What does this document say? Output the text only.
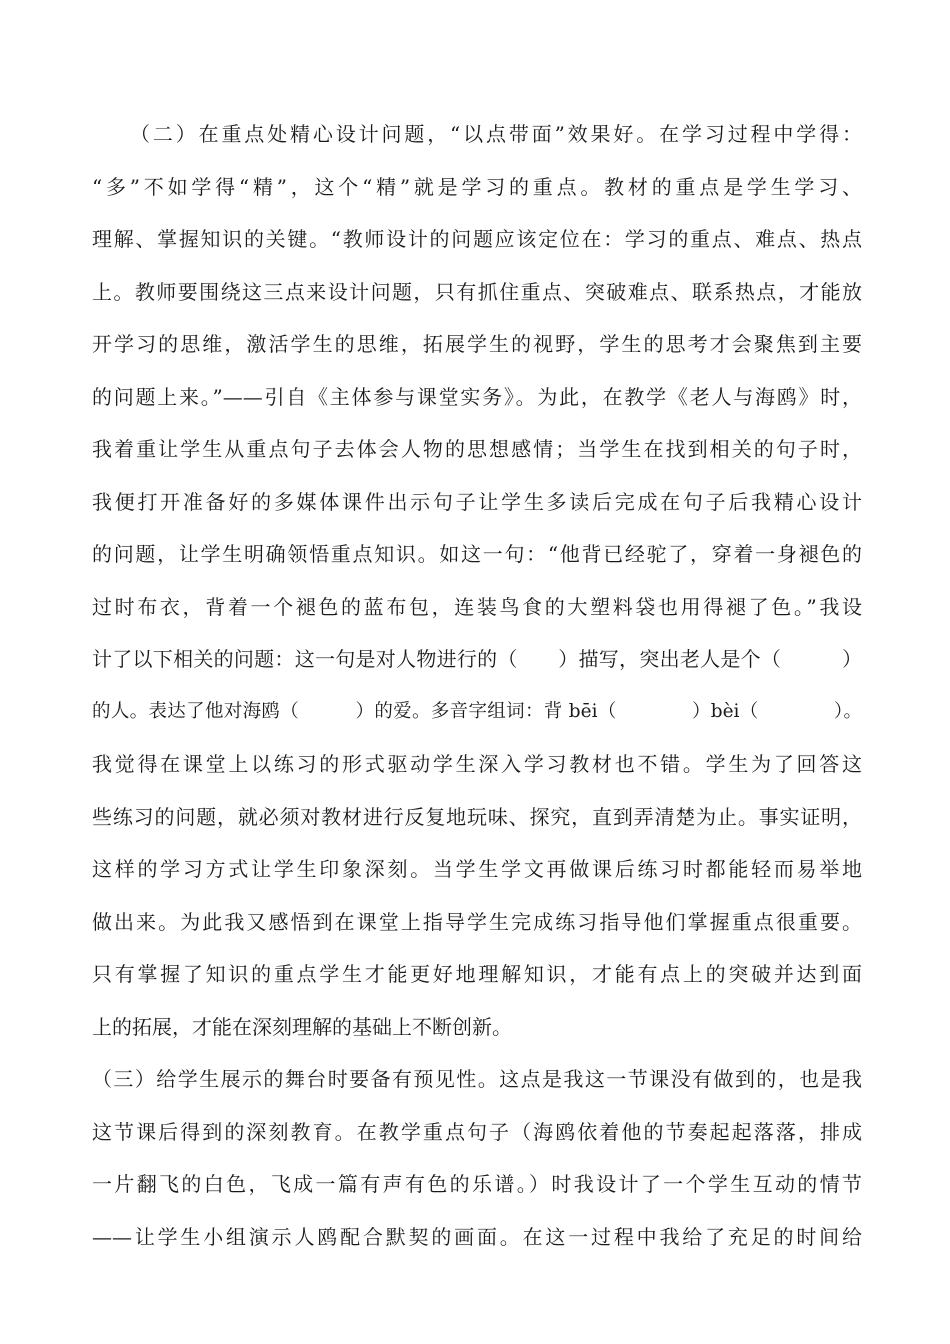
（二）在重点处精心设计问题，“以点带面”效果好。在学习过程中学得：
“多”不如学得“精”，这个“精”就是学习的重点。教材的重点是学生学习、
理解、掌握知识的关键。“教师设计的问题应该定位在：学习的重点、难点、热点
上。教师要围绕这三点来设计问题，只有抓住重点、突破难点、联系热点，才能放
开学习的思维，激活学生的思维，拓展学生的视野，学生的思考才会聚焦到主要
的问题上来。”——引自《主体参与课堂实务》。为此，在教学《老人与海鸥》时，
我着重让学生从重点句子去体会人物的思想感情；当学生在找到相关的句子时，
我便打开准备好的多媒体课件出示句子让学生多读后完成在句子后我精心设计
的问题，让学生明确领悟重点知识。如这一句：“他背已经驼了，穿着一身褪色的
过时布衣，背着一个褪色的蓝布包，连装鸟食的大塑料袋也用得褪了色。”我设
计了以下相关的问题：这一句是对人物进行的（　　）描写，突出老人是个（　　　）
的人。表达了他对海鸥（　　　）的爱。多音字组词：背 bēi（　　　　）bèi（　　　　）。
我觉得在课堂上以练习的形式驱动学生深入学习教材也不错。学生为了回答这
些练习的问题，就必须对教材进行反复地玩味、探究，直到弄清楚为止。事实证明，
这样的学习方式让学生印象深刻。当学生学文再做课后练习时都能轻而易举地
做出来。为此我又感悟到在课堂上指导学生完成练习指导他们掌握重点很重要。
只有掌握了知识的重点学生才能更好地理解知识，才能有点上的突破并达到面
上的拓展，才能在深刻理解的基础上不断创新。
（三）给学生展示的舞台时要备有预见性。这点是我这一节课没有做到的，也是我
这节课后得到的深刻教育。在教学重点句子（海鸥依着他的节奏起起落落，排成
一片翻飞的白色，飞成一篇有声有色的乐谱。）时我设计了一个学生互动的情节
——让学生小组演示人鸥配合默契的画面。在这一过程中我给了充足的时间给
